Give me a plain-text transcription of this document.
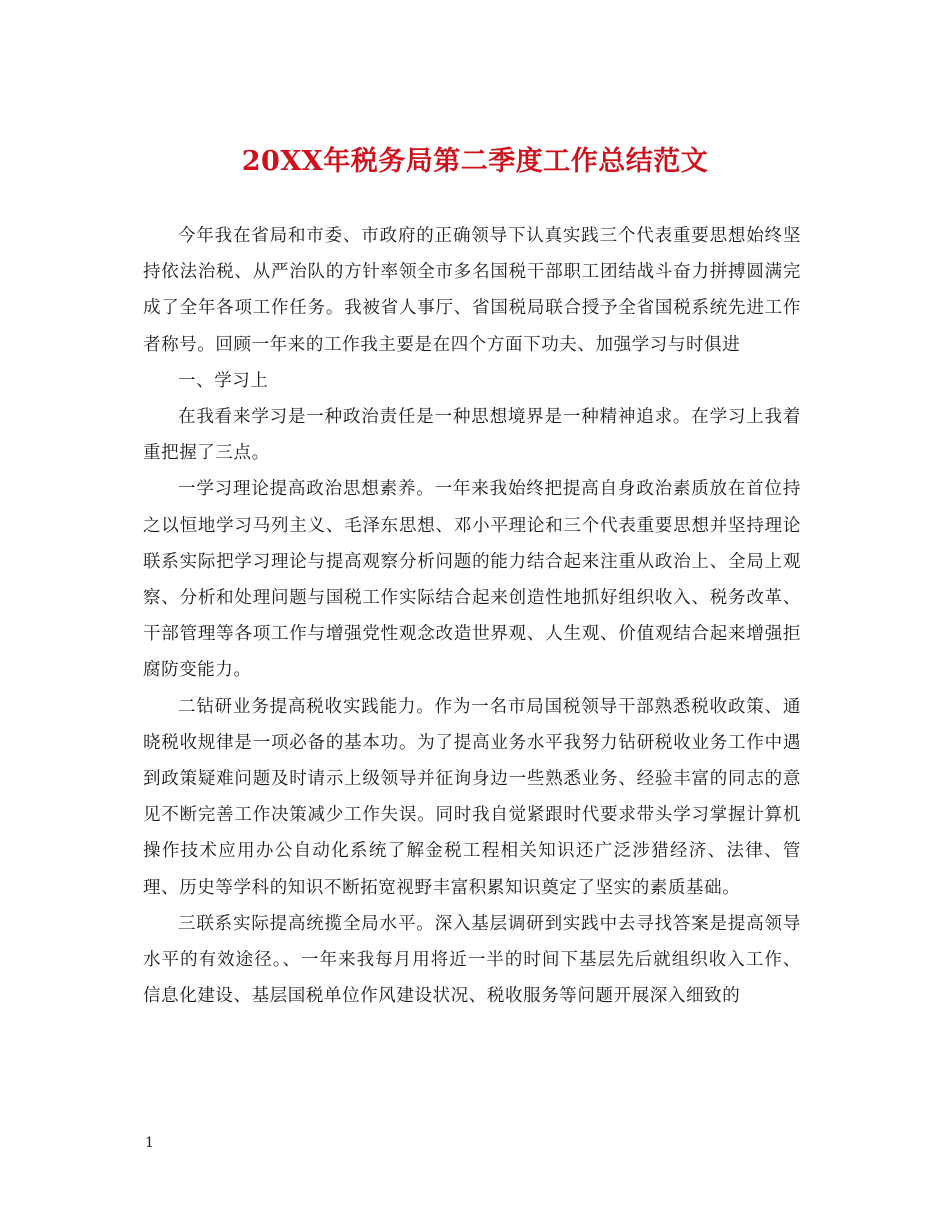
20XX年税务局第二季度工作总结范文

今年我在省局和市委、市政府的正确领导下认真实践三个代表重要思想始终坚持依法治税、从严治队的方针率领全市多名国税干部职工团结战斗奋力拼搏圆满完成了全年各项工作任务。我被省人事厅、省国税局联合授予全省国税系统先进工作者称号。回顾一年来的工作我主要是在四个方面下功夫、加强学习与时俱进

一、学习上

在我看来学习是一种政治责任是一种思想境界是一种精神追求。在学习上我着重把握了三点。

一学习理论提高政治思想素养。一年来我始终把提高自身政治素质放在首位持之以恒地学习马列主义、毛泽东思想、邓小平理论和三个代表重要思想并坚持理论联系实际把学习理论与提高观察分析问题的能力结合起来注重从政治上、全局上观察、分析和处理问题与国税工作实际结合起来创造性地抓好组织收入、税务改革、干部管理等各项工作与增强党性观念改造世界观、人生观、价值观结合起来增强拒腐防变能力。

二钻研业务提高税收实践能力。作为一名市局国税领导干部熟悉税收政策、通晓税收规律是一项必备的基本功。为了提高业务水平我努力钻研税收业务工作中遇到政策疑难问题及时请示上级领导并征询身边一些熟悉业务、经验丰富的同志的意见不断完善工作决策减少工作失误。同时我自觉紧跟时代要求带头学习掌握计算机操作技术应用办公自动化系统了解金税工程相关知识还广泛涉猎经济、法律、管理、历史等学科的知识不断拓宽视野丰富积累知识奠定了坚实的素质基础。

三联系实际提高统揽全局水平。深入基层调研到实践中去寻找答案是提高领导水平的有效途径。、一年来我每月用将近一半的时间下基层先后就组织收入工作、信息化建设、基层国税单位作风建设状况、税收服务等问题开展深入细致的

1
